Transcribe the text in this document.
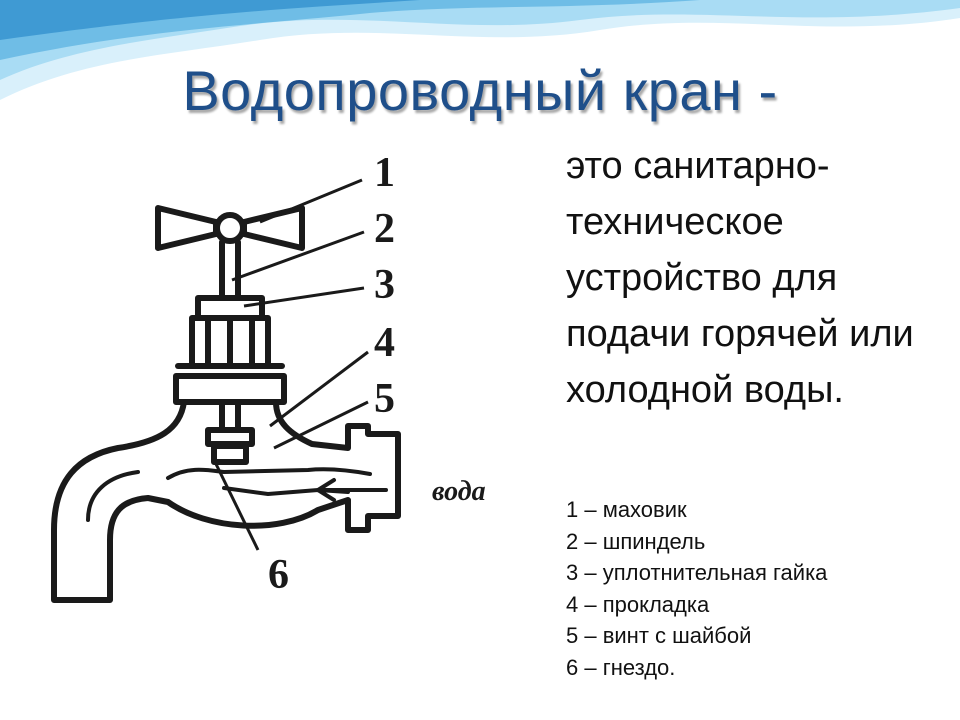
Водопроводный кран -
1
2
3
4
5
6
вода
это санитарно-техническое устройство для подачи горячей или холодной воды.
1 – маховик
2 – шпиндель
3 – уплотнительная гайка
4 – прокладка
5 – винт с шайбой
6 – гнездо.
